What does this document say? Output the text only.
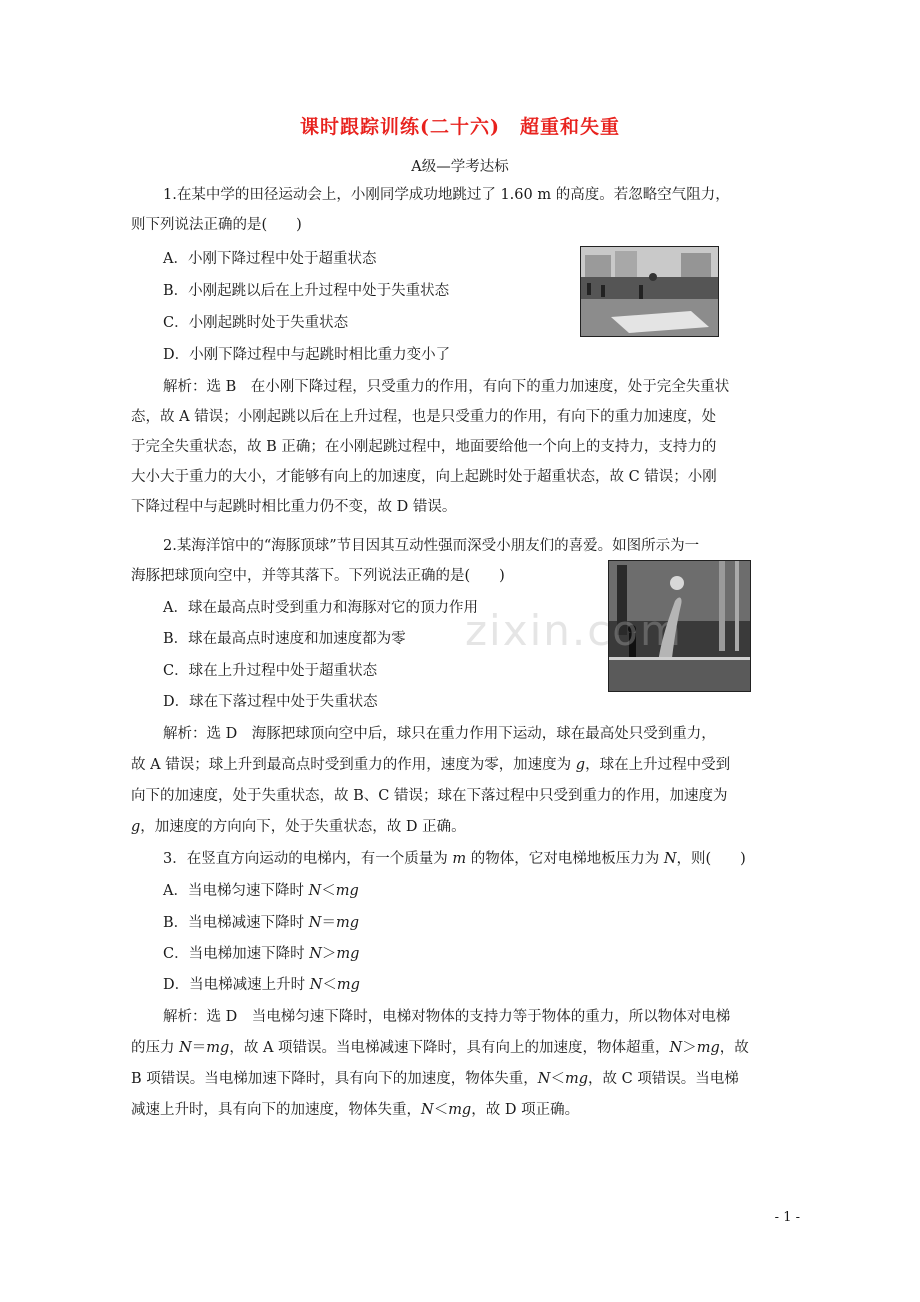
课时跟踪训练(二十六)　超重和失重
A级—学考达标
1.在某中学的田径运动会上，小刚同学成功地跳过了 1.60 m 的高度。若忽略空气阻力，
则下列说法正确的是(　　)
A．小刚下降过程中处于超重状态
B．小刚起跳以后在上升过程中处于失重状态
C．小刚起跳时处于失重状态
D．小刚下降过程中与起跳时相比重力变小了
解析：选 B　在小刚下降过程，只受重力的作用，有向下的重力加速度，处于完全失重状
态，故 A 错误；小刚起跳以后在上升过程，也是只受重力的作用，有向下的重力加速度，处
于完全失重状态，故 B 正确；在小刚起跳过程中，地面要给他一个向上的支持力，支持力的
大小大于重力的大小，才能够有向上的加速度，向上起跳时处于超重状态，故 C 错误；小刚
下降过程中与起跳时相比重力仍不变，故 D 错误。
2.某海洋馆中的“海豚顶球”节目因其互动性强而深受小朋友们的喜爱。如图所示为一
海豚把球顶向空中，并等其落下。下列说法正确的是(　　)
A．球在最高点时受到重力和海豚对它的顶力作用
B．球在最高点时速度和加速度都为零
C．球在上升过程中处于超重状态
D．球在下落过程中处于失重状态
解析：选 D　海豚把球顶向空中后，球只在重力作用下运动，球在最高处只受到重力，
故 A 错误；球上升到最高点时受到重力的作用，速度为零，加速度为 g，球在上升过程中受到
向下的加速度，处于失重状态，故 B、C 错误；球在下落过程中只受到重力的作用，加速度为
g，加速度的方向向下，处于失重状态，故 D 正确。
3．在竖直方向运动的电梯内，有一个质量为 m 的物体，它对电梯地板压力为 N，则(　　)
A．当电梯匀速下降时 N＜mg
B．当电梯减速下降时 N＝mg
C．当电梯加速下降时 N＞mg
D．当电梯减速上升时 N＜mg
解析：选 D　当电梯匀速下降时，电梯对物体的支持力等于物体的重力，所以物体对电梯
的压力 N＝mg，故 A 项错误。当电梯减速下降时，具有向上的加速度，物体超重，N＞mg，故
B 项错误。当电梯加速下降时，具有向下的加速度，物体失重，N＜mg，故 C 项错误。当电梯
减速上升时，具有向下的加速度，物体失重，N＜mg，故 D 项正确。
zixin.com
- 1 -
